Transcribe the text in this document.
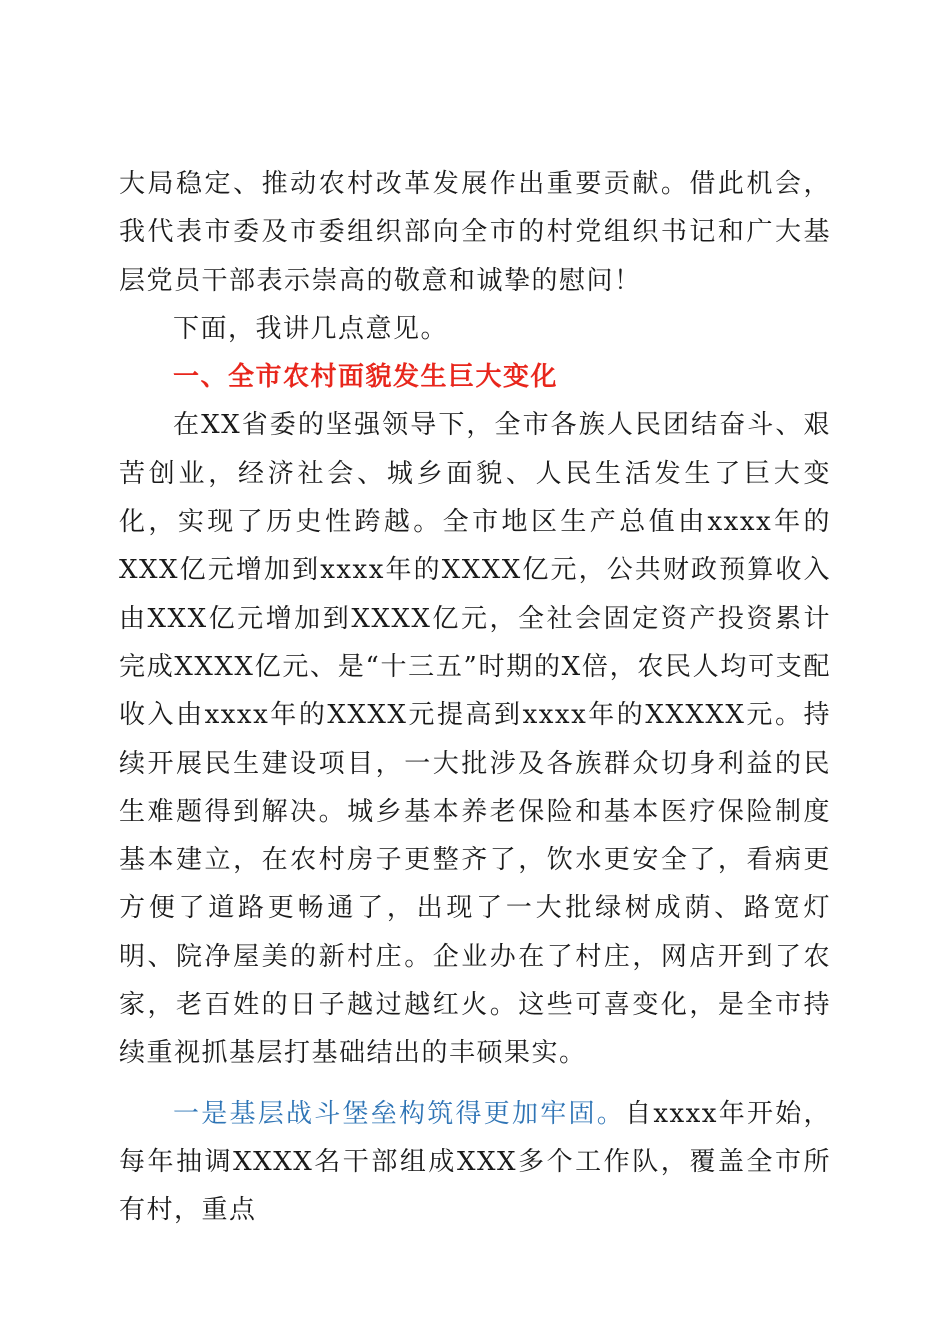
大局稳定、推动农村改革发展作出重要贡献。借此机会，我代表市委及市委组织部向全市的村党组织书记和广大基层党员干部表示崇高的敬意和诚挚的慰问！

下面，我讲几点意见。

一、全市农村面貌发生巨大变化

在XX省委的坚强领导下，全市各族人民团结奋斗、艰苦创业，经济社会、城乡面貌、人民生活发生了巨大变化，实现了历史性跨越。全市地区生产总值由xxxx年的XXX亿元增加到xxxx年的XXXX亿元，公共财政预算收入由XXX亿元增加到XXXX亿元，全社会固定资产投资累计完成XXXX亿元、是“十三五”时期的X倍，农民人均可支配收入由xxxx年的XXXX元提高到xxxx年的XXXXX元。持续开展民生建设项目，一大批涉及各族群众切身利益的民生难题得到解决。城乡基本养老保险和基本医疗保险制度基本建立，在农村房子更整齐了，饮水更安全了，看病更方便了道路更畅通了，出现了一大批绿树成荫、路宽灯明、院净屋美的新村庄。企业办在了村庄，网店开到了农家，老百姓的日子越过越红火。这些可喜变化，是全市持续重视抓基层打基础结出的丰硕果实。

一是基层战斗堡垒构筑得更加牢固。自xxxx年开始，每年抽调XXXX名干部组成XXX多个工作队，覆盖全市所有村，重点
